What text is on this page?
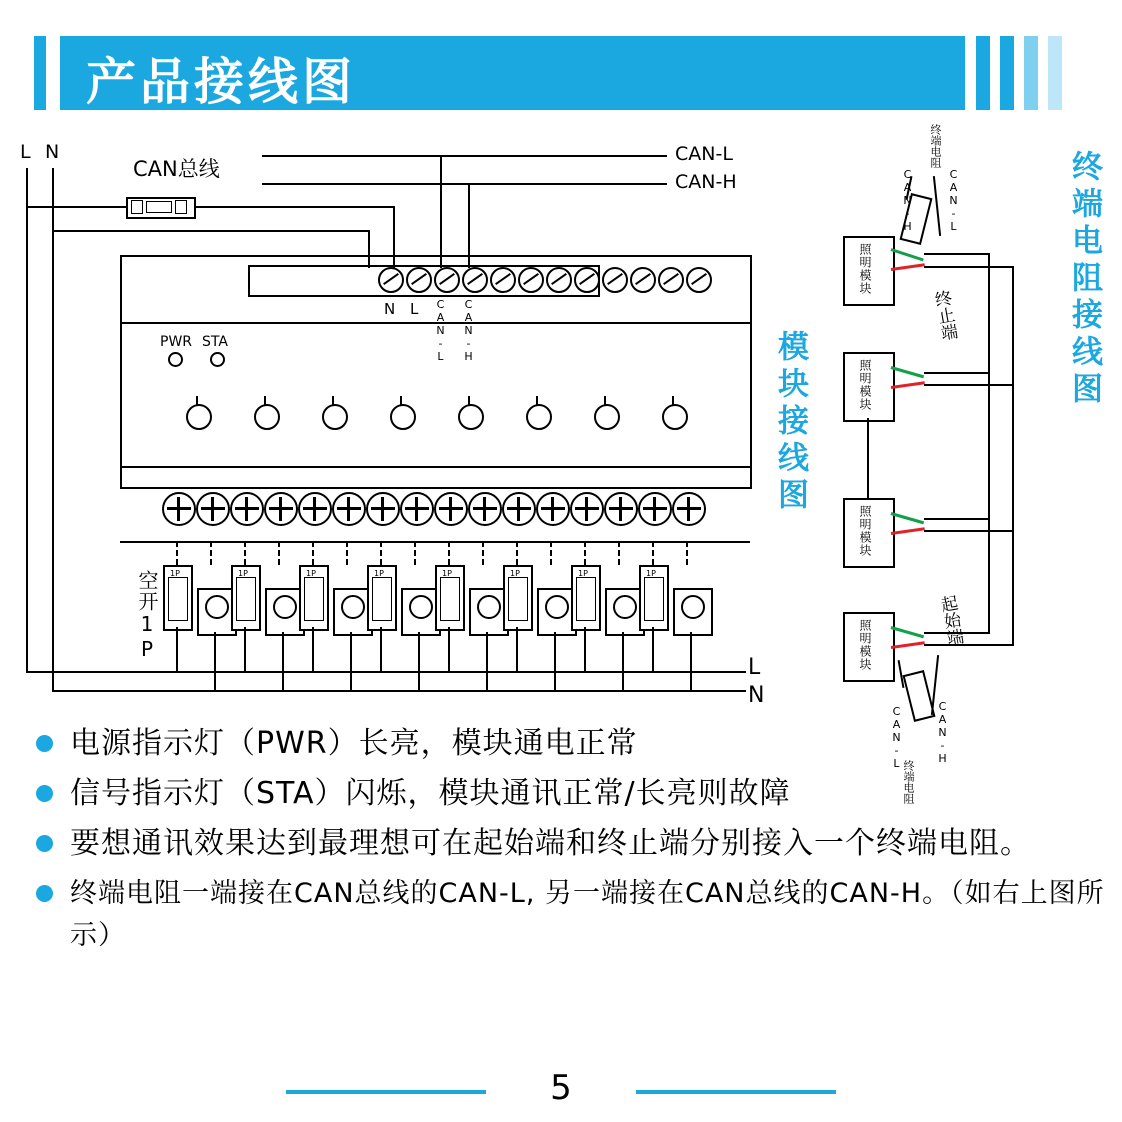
产品接线图
L N
CAN总线
CAN-L
CAN-H
N L CAN-L CAN-H
PWR STA
空开1P	1P	1P	1P	1P	1P	1P	1P	1P
L
N
模块接线图
终端电阻接线图
照明模块
CAN-H	CAN-L
终端电阻
终止端
照明模块
照明模块
照明模块	起始端
CAN-L	CAN-H
终端电阻
电源指示灯（PWR）长亮，模块通电正常
信号指示灯（STA）闪烁，模块通讯正常/长亮则故障
要想通讯效果达到最理想可在起始端和终止端分别接入一个终端电阻。
终端电阻一端接在CAN总线的CAN-L, 另一端接在CAN总线的CAN-H。（如右上图所示）
5
